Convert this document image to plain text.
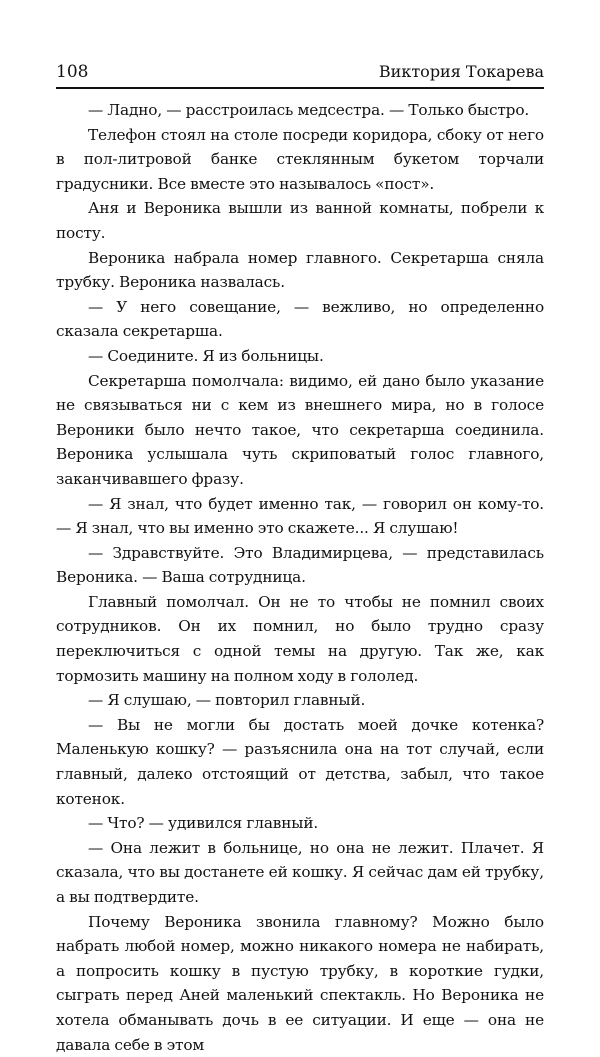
108	Виктория Токарева

— Ладно, — расстроилась медсестра. — Только быстро.

Телефон стоял на столе посреди коридора, сбоку от него в пол-литровой банке стеклянным букетом торчали градусники. Все вместе это называлось «пост».

Аня и Вероника вышли из ванной комнаты, побрели к посту.

Вероника набрала номер главного. Секретарша сняла трубку. Вероника назвалась.

— У него совещание, — вежливо, но определенно сказала секретарша.

— Соедините. Я из больницы.

Секретарша помолчала: видимо, ей дано было указание не связываться ни с кем из внешнего мира, но в голосе Вероники было нечто такое, что секретарша соединила. Вероника услышала чуть скриповатый голос главного, заканчивавшего фразу.

— Я знал, что будет именно так, — говорил он кому-то. — Я знал, что вы именно это скажете... Я слушаю!

— Здравствуйте. Это Владимирцева, — представилась Вероника. — Ваша сотрудница.

Главный помолчал. Он не то чтобы не помнил своих сотрудников. Он их помнил, но было трудно сразу переключиться с одной темы на другую. Так же, как тормозить машину на полном ходу в гололед.

— Я слушаю, — повторил главный.

— Вы не могли бы достать моей дочке котенка? Маленькую кошку? — разъяснила она на тот случай, если главный, далеко отстоящий от детства, забыл, что такое котенок.

— Что? — удивился главный.

— Она лежит в больнице, но она не лежит. Плачет. Я сказала, что вы достанете ей кошку. Я сейчас дам ей трубку, а вы подтвердите.

Почему Вероника звонила главному? Можно было набрать любой номер, можно никакого номера не набирать, а попросить кошку в пустую трубку, в короткие гудки, сыграть перед Аней маленький спектакль. Но Вероника не хотела обманывать дочь в ее ситуации. И еще — она не давала себе в этом
